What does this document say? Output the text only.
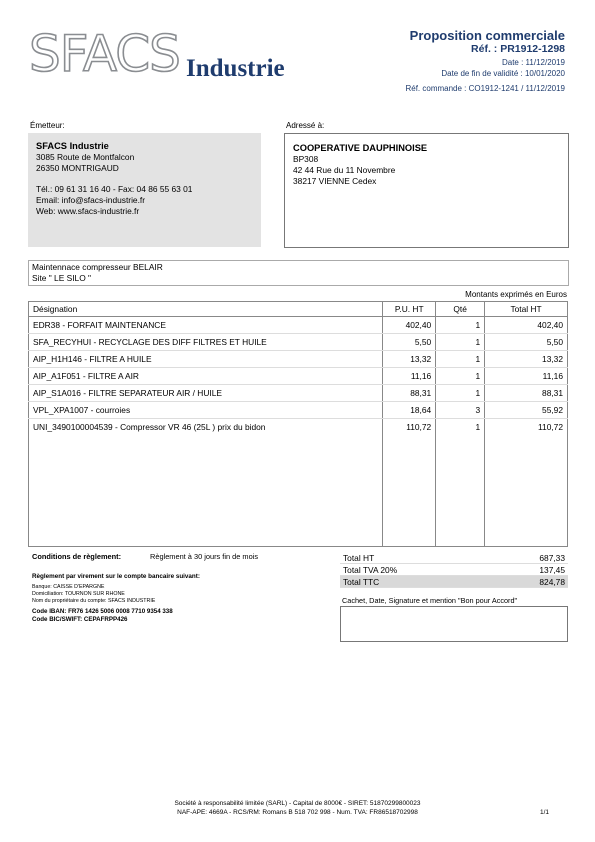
SFACS Industrie
Proposition commerciale
Réf. : PR1912-1298
Date : 11/12/2019
Date de fin de validité : 10/01/2020
Réf. commande : CO1912-1241 / 11/12/2019
Émetteur:	Adressé à:
SFACS Industrie
3085 Route de Montfalcon
26350 MONTRIGAUD
Tél.: 09 61 31 16 40 - Fax: 04 86 55 63 01
Email: info@sfacs-industrie.fr
Web: www.sfacs-industrie.fr
COOPERATIVE DAUPHINOISE
BP308
42 44 Rue du 11 Novembre
38217 VIENNE Cedex
Maintennace compresseur BELAIR
Site " LE SILO "
Montants exprimés en Euros
Désignation	P.U. HT	Qté	Total HT
EDR38 - FORFAIT MAINTENANCE	402,40	1	402,40
SFA_RECYHUI - RECYCLAGE DES DIFF FILTRES ET HUILE	5,50	1	5,50
AIP_H1H146 - FILTRE A HUILE	13,32	1	13,32
AIP_A1F051 - FILTRE A AIR	11,16	1	11,16
AIP_S1A016 - FILTRE SEPARATEUR AIR / HUILE	88,31	1	88,31
VPL_XPA1007 - courroies	18,64	3	55,92
UNI_3490100004539 - Compressor VR 46 (25L ) prix du bidon	110,72	1	110,72

Conditions de règlement:	Règlement à 30 jours fin de mois
Règlement par virement sur le compte bancaire suivant:
Banque: CAISSE D'EPARGNE
Domiciliation: TOURNON SUR RHONE
Nom du propriétaire du compte: SFACS INDUSTRIE
Code IBAN: FR76 1426 5006 0008 7710 9354 338
Code BIC/SWIFT: CEPAFRPP426
Total HT	687,33
Total TVA 20%	137,45
Total TTC	824,78
Cachet, Date, Signature et mention "Bon pour Accord"
Société à responsabilité limitée (SARL) - Capital de 8000€ - SIRET: 51870299800023
NAF-APE: 4669A - RCS/RM: Romans B 518 702 998 - Num. TVA: FR86518702998	1/1
